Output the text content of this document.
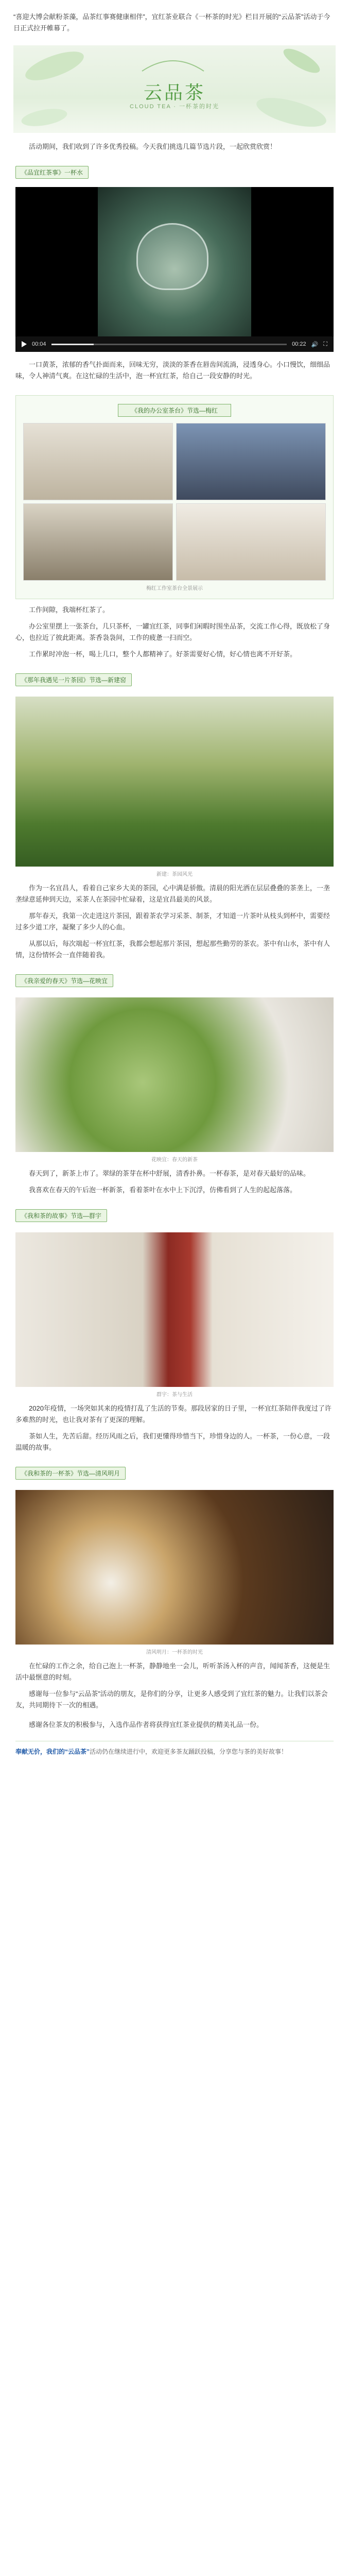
“喜迎大博会献粉茶藻，品茶红事赛健康相伴”，宜红茶业联合《一杯茶的时光》栏目开展的“云品茶”活动于今日正式拉开帷幕了。
云品茶
CLOUD TEA · 一杯茶的时光

活动期间，我们收到了许多优秀投稿。今天我们挑选几篇节选片段，一起欣赏欣赏！

《品宜红茶事》一杯水
00:04	00:22 🔊 ⛶

一口黄茶，浓郁的香气扑面而来，回味无穷，淡淡的茶香在唇齿间流淌，浸透身心。小口慢饮，细细品味，令人神清气爽。在这忙碌的生活中，泡一杯宜红茶，给自己一段安静的时光。

《我的办公室茶台》节选—梅红
梅红工作室茶台全景展示

工作间隙，我端杯红茶了。

办公室里摆上一张茶台，几只茶杯，一罐宜红茶，同事们闲暇时围坐品茶，交流工作心得，既放松了身心，也拉近了彼此距离。茶香袅袅间，工作的疲惫一扫而空。

工作累时冲泡一杯，喝上几口，整个人都精神了。好茶需要好心情，好心情也离不开好茶。

《那年我遇见一片茶园》节选—新建窑
新建：茶园风光

作为一名宜昌人，看着自己家乡大美的茶园，心中满是骄傲。清晨的阳光洒在层层叠叠的茶垄上，一垄垄绿意延伸到天边，采茶人在茶园中忙碌着，这是宜昌最美的风景。

那年春天，我第一次走进这片茶园，跟着茶农学习采茶、制茶，才知道一片茶叶从枝头到杯中，需要经过多少道工序，凝聚了多少人的心血。

从那以后，每次端起一杯宜红茶，我都会想起那片茶园，想起那些勤劳的茶农。茶中有山水，茶中有人情，这份情怀会一直伴随着我。

《我亲爱的春天》节选—花映宜
花映宜：春天的新茶

春天到了，新茶上市了。翠绿的茶芽在杯中舒展，清香扑鼻。一杯春茶，是对春天最好的品味。

我喜欢在春天的午后泡一杯新茶，看着茶叶在水中上下沉浮，仿佛看到了人生的起起落落。

《我和茶的故事》节选—群宇
群宇：茶与生活

2020年疫情，一场突如其来的疫情打乱了生活的节奏。那段居家的日子里，一杯宜红茶陪伴我度过了许多难熬的时光，也让我对茶有了更深的理解。

茶如人生，先苦后甜。经历风雨之后，我们更懂得珍惜当下，珍惜身边的人。一杯茶，一份心意，一段温暖的故事。

《我和茶的一杯茶》节选—清风明月
清风明月：一杯茶的时光

在忙碌的工作之余，给自己泡上一杯茶，静静地坐一会儿，听听茶汤入杯的声音，闻闻茶香，这便是生活中最惬意的时刻。

感谢每一位参与“云品茶”活动的朋友，是你们的分享，让更多人感受到了宜红茶的魅力。让我们以茶会友，共同期待下一次的相遇。

感谢各位茶友的积极参与，入选作品作者将获得宜红茶业提供的精美礼品一份。

奉献无价，我们的“云品茶”活动仍在继续进行中，欢迎更多茶友踊跃投稿，分享您与茶的美好故事！
